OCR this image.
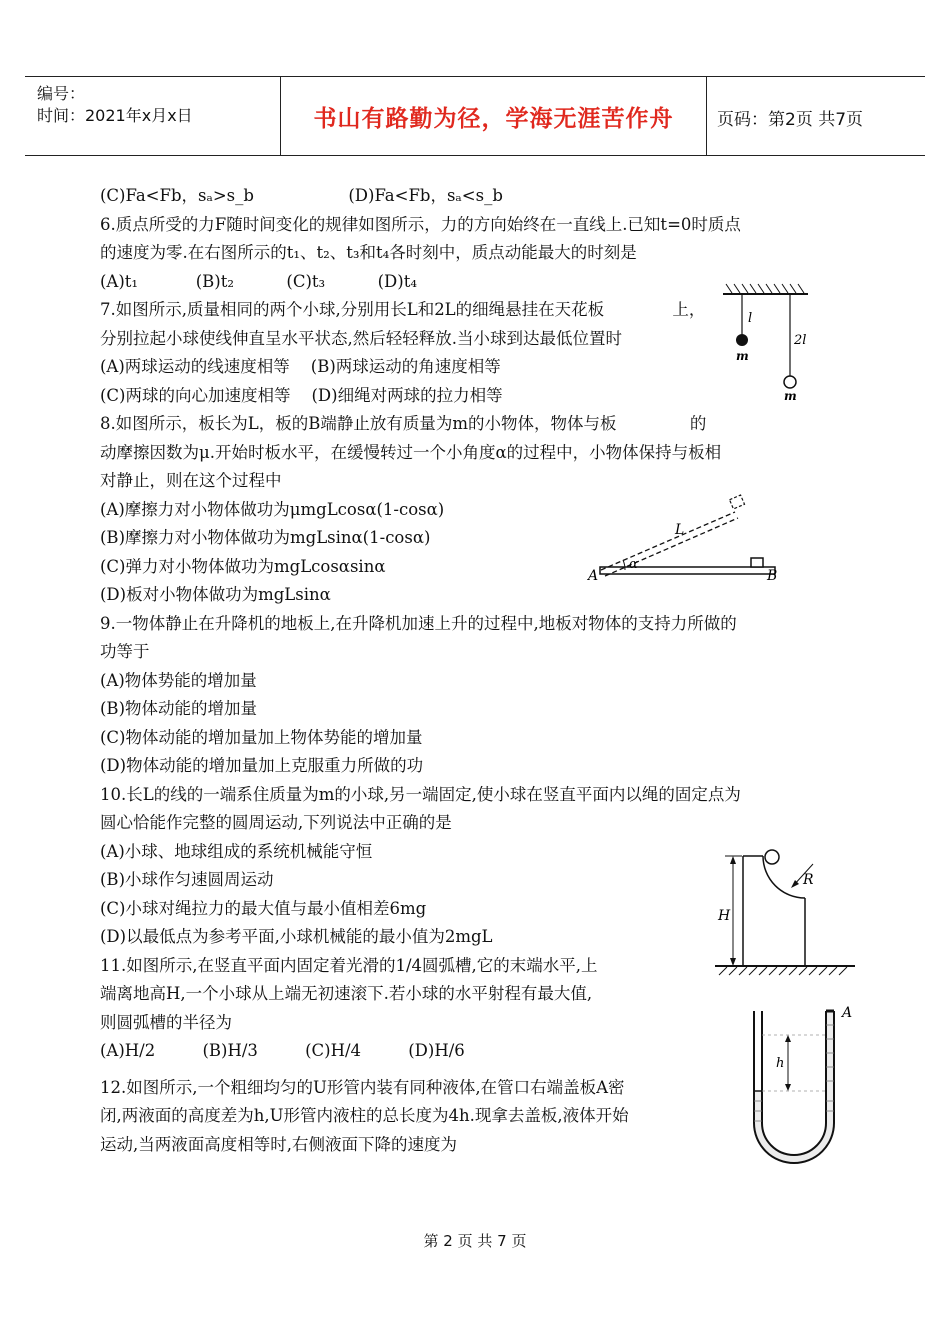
编号：
时间：2021年x月x日	书山有路勤为径，学海无涯苦作舟	页码：第2页 共7页
(C)Fa<Fb，sₐ>s_b                  (D)Fa<Fb，sₐ<s_b
6.质点所受的力F随时间变化的规律如图所示，力的方向始终在一直线上.已知t=0时质点
的速度为零.在右图所示的t₁、t₂、t₃和t₄各时刻中，质点动能最大的时刻是
(A)t₁           (B)t₂          (C)t₃          (D)t₄
7.如图所示,质量相同的两个小球,分别用长L和2L的细绳悬挂在天花板             上，
分别拉起小球使线伸直呈水平状态,然后轻轻释放.当小球到达最低位置时
(A)两球运动的线速度相等    (B)两球运动的角速度相等
(C)两球的向心加速度相等    (D)细绳对两球的拉力相等
8.如图所示，板长为L，板的B端静止放有质量为m的小物体，物体与板              的
动摩擦因数为μ.开始时板水平，在缓慢转过一个小角度α的过程中，小物体保持与板相
对静止，则在这个过程中
(A)摩擦力对小物体做功为μmgLcosα(1-cosα)
(B)摩擦力对小物体做功为mgLsinα(1-cosα)
(C)弹力对小物体做功为mgLcosαsinα
(D)板对小物体做功为mgLsinα
9.一物体静止在升降机的地板上,在升降机加速上升的过程中,地板对物体的支持力所做的
功等于
(A)物体势能的增加量
(B)物体动能的增加量
(C)物体动能的增加量加上物体势能的增加量
(D)物体动能的增加量加上克服重力所做的功
10.长L的线的一端系住质量为m的小球,另一端固定,使小球在竖直平面内以绳的固定点为
圆心恰能作完整的圆周运动,下列说法中正确的是
(A)小球、地球组成的系统机械能守恒
(B)小球作匀速圆周运动
(C)小球对绳拉力的最大值与最小值相差6mg
(D)以最低点为参考平面,小球机械能的最小值为2mgL
11.如图所示,在竖直平面内固定着光滑的1/4圆弧槽,它的末端水平,上
端离地高H,一个小球从上端无初速滚下.若小球的水平射程有最大值,
则圆弧槽的半径为
(A)H/2         (B)H/3         (C)H/4         (D)H/6
12.如图所示,一个粗细均匀的U形管内装有同种液体,在管口右端盖板A密
闭,两液面的高度差为h,U形管内液柱的总长度为4h.现拿去盖板,液体开始
运动,当两液面高度相等时,右侧液面下降的速度为
l
2l
m
m
L
α
A	B
H
R
h
A
第 2 页 共 7 页
